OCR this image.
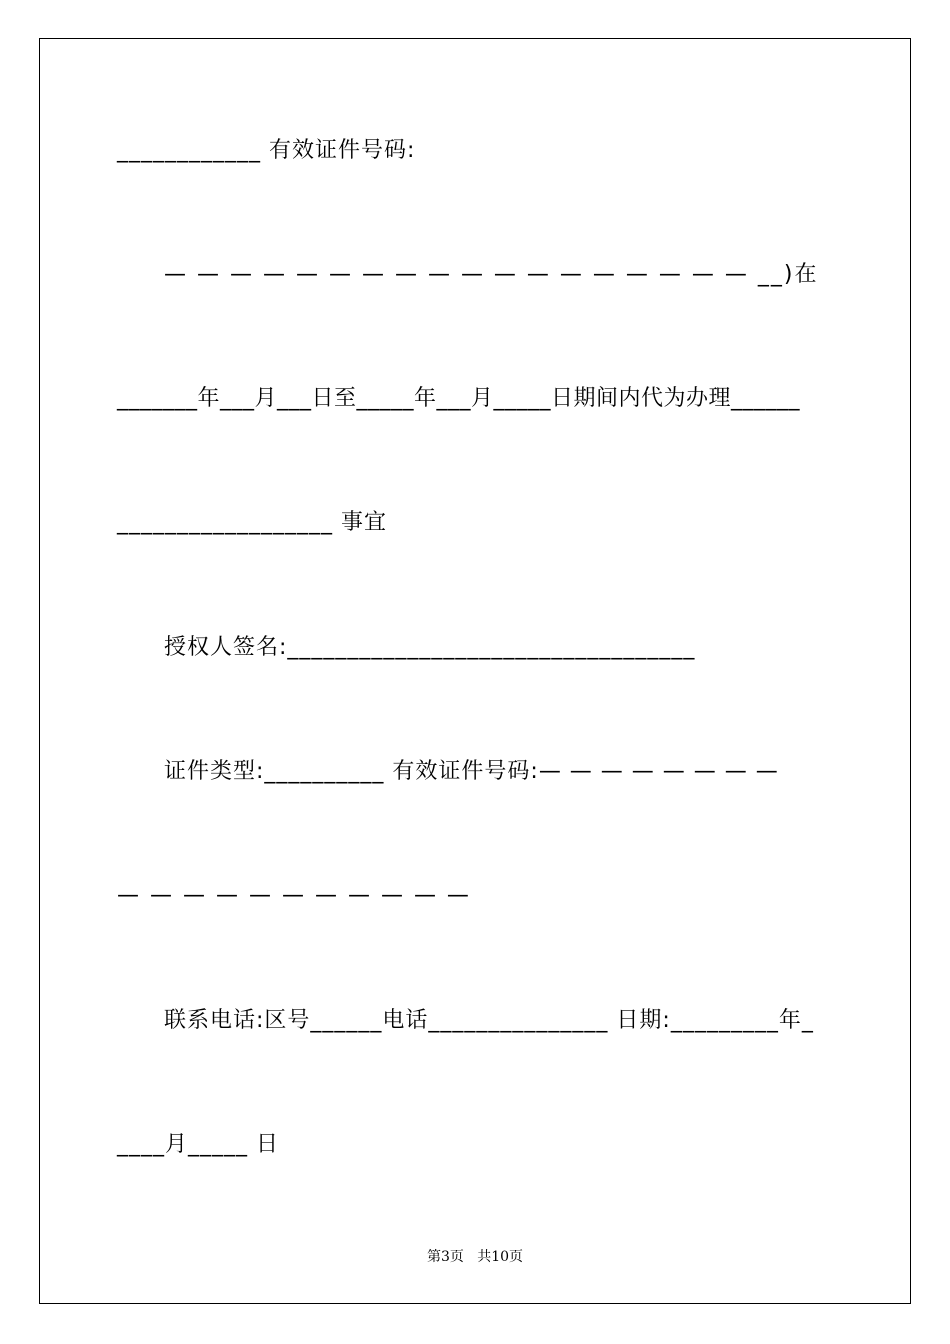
____________ 有效证件号码:
— — — — — — — — — — — — — — — — — — __)在
_______年___月___日至_____年___月_____日期间内代为办理______
__________________ 事宜
授权人签名:__________________________________
证件类型:__________ 有效证件号码:— — — — — — — —
— — — — — — — — — — —
联系电话:区号______电话_______________ 日期:_________年_
____月_____ 日
第3页   共10页
